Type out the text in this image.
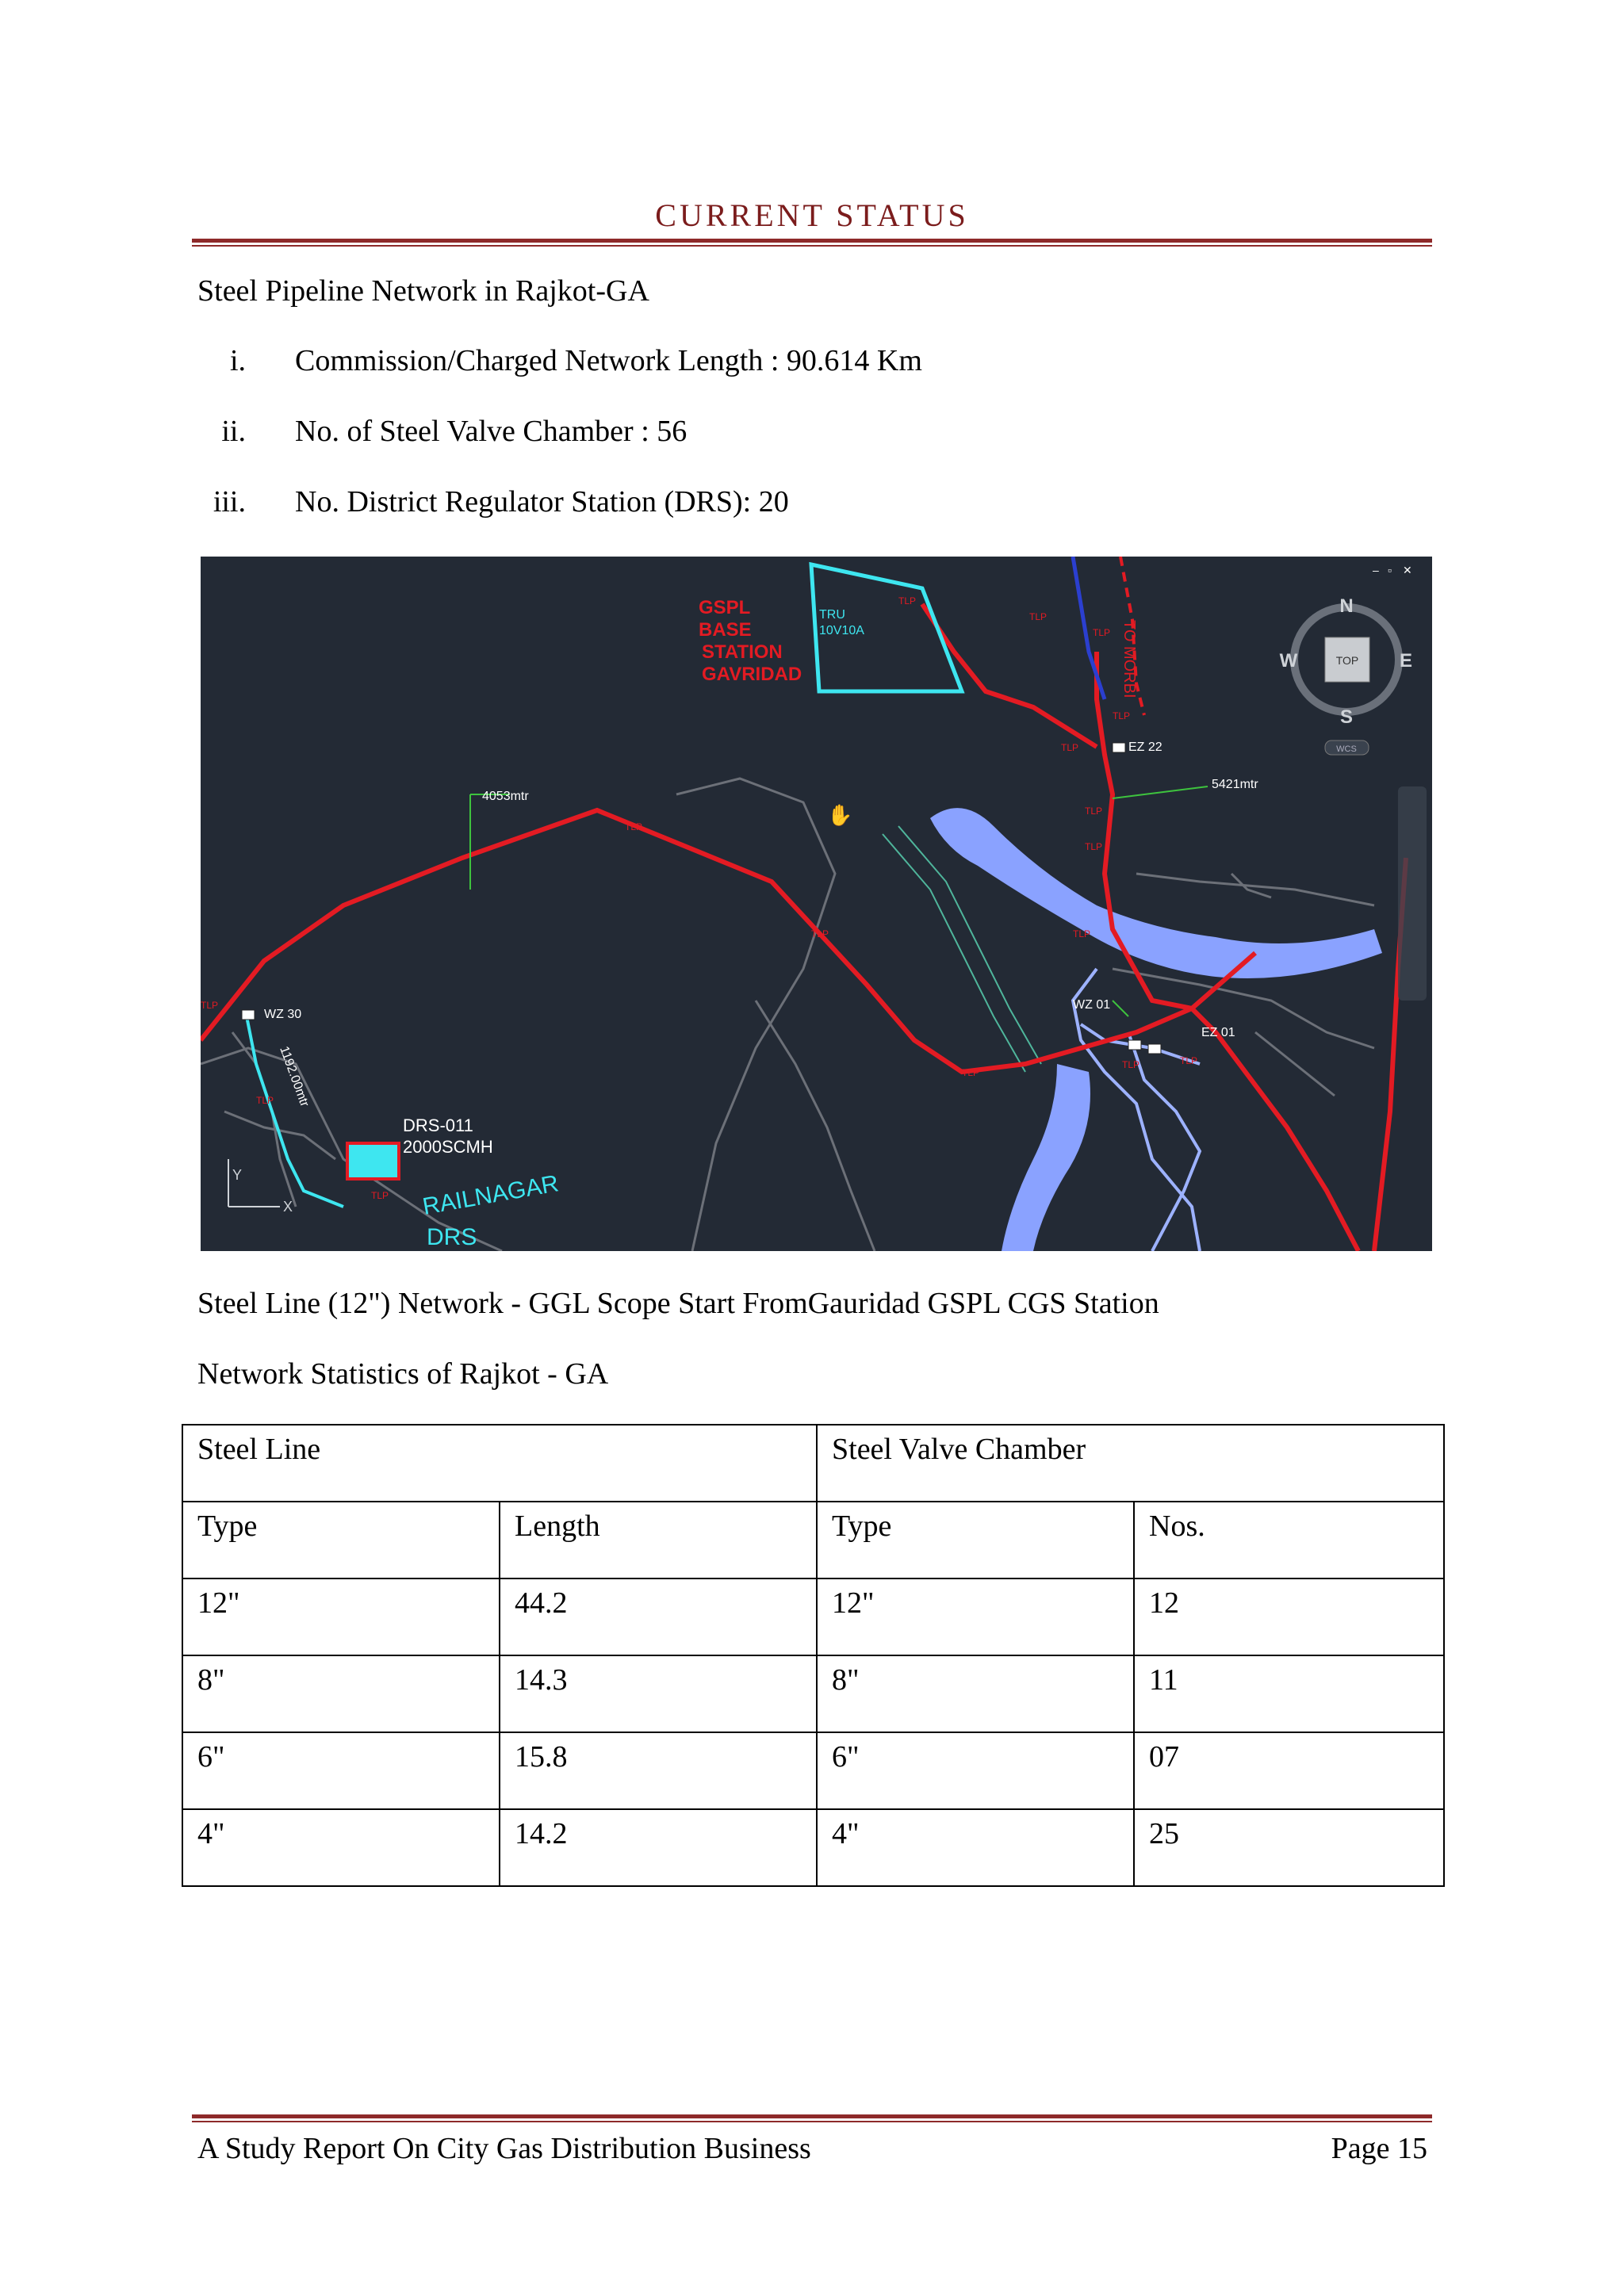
CURRENT STATUS
Steel Pipeline Network in Rajkot-GA
i. Commission/Charged Network Length : 90.614 Km
ii. No. of Steel Valve Chamber : 56
iii. No. District Regulator Station (DRS): 20
TLP
TLP
TLP
TLP
TLP
TLP
TLP
TLP
TLP
TLP
TLP
TLP
TLP
TLP	TLP
TLP
GSPL
BASE
STATION
GAVRIDAD	TO MORBI
TRU
10V10A
RAILNAGAR
DRS
4053mtr
5421mtr
EZ 22
WZ 30
WZ 01
EZ 01
1192.00mtr
DRS-011
2000SCMH
Y
X
N
S
E
W	TOP
WCS
– ▫ ✕
✋
Steel Line (12") Network - GGL Scope Start FromGauridad GSPL CGS Station
Network Statistics of Rajkot - GA
Steel Line		Steel Valve Chamber	
Type	Length	Type	Nos.
12"	44.2	12"	12
8"	14.3	8"	11
6"	15.8	6"	07
4"	14.2	4"	25
A Study Report On City Gas Distribution Business	Page 15
